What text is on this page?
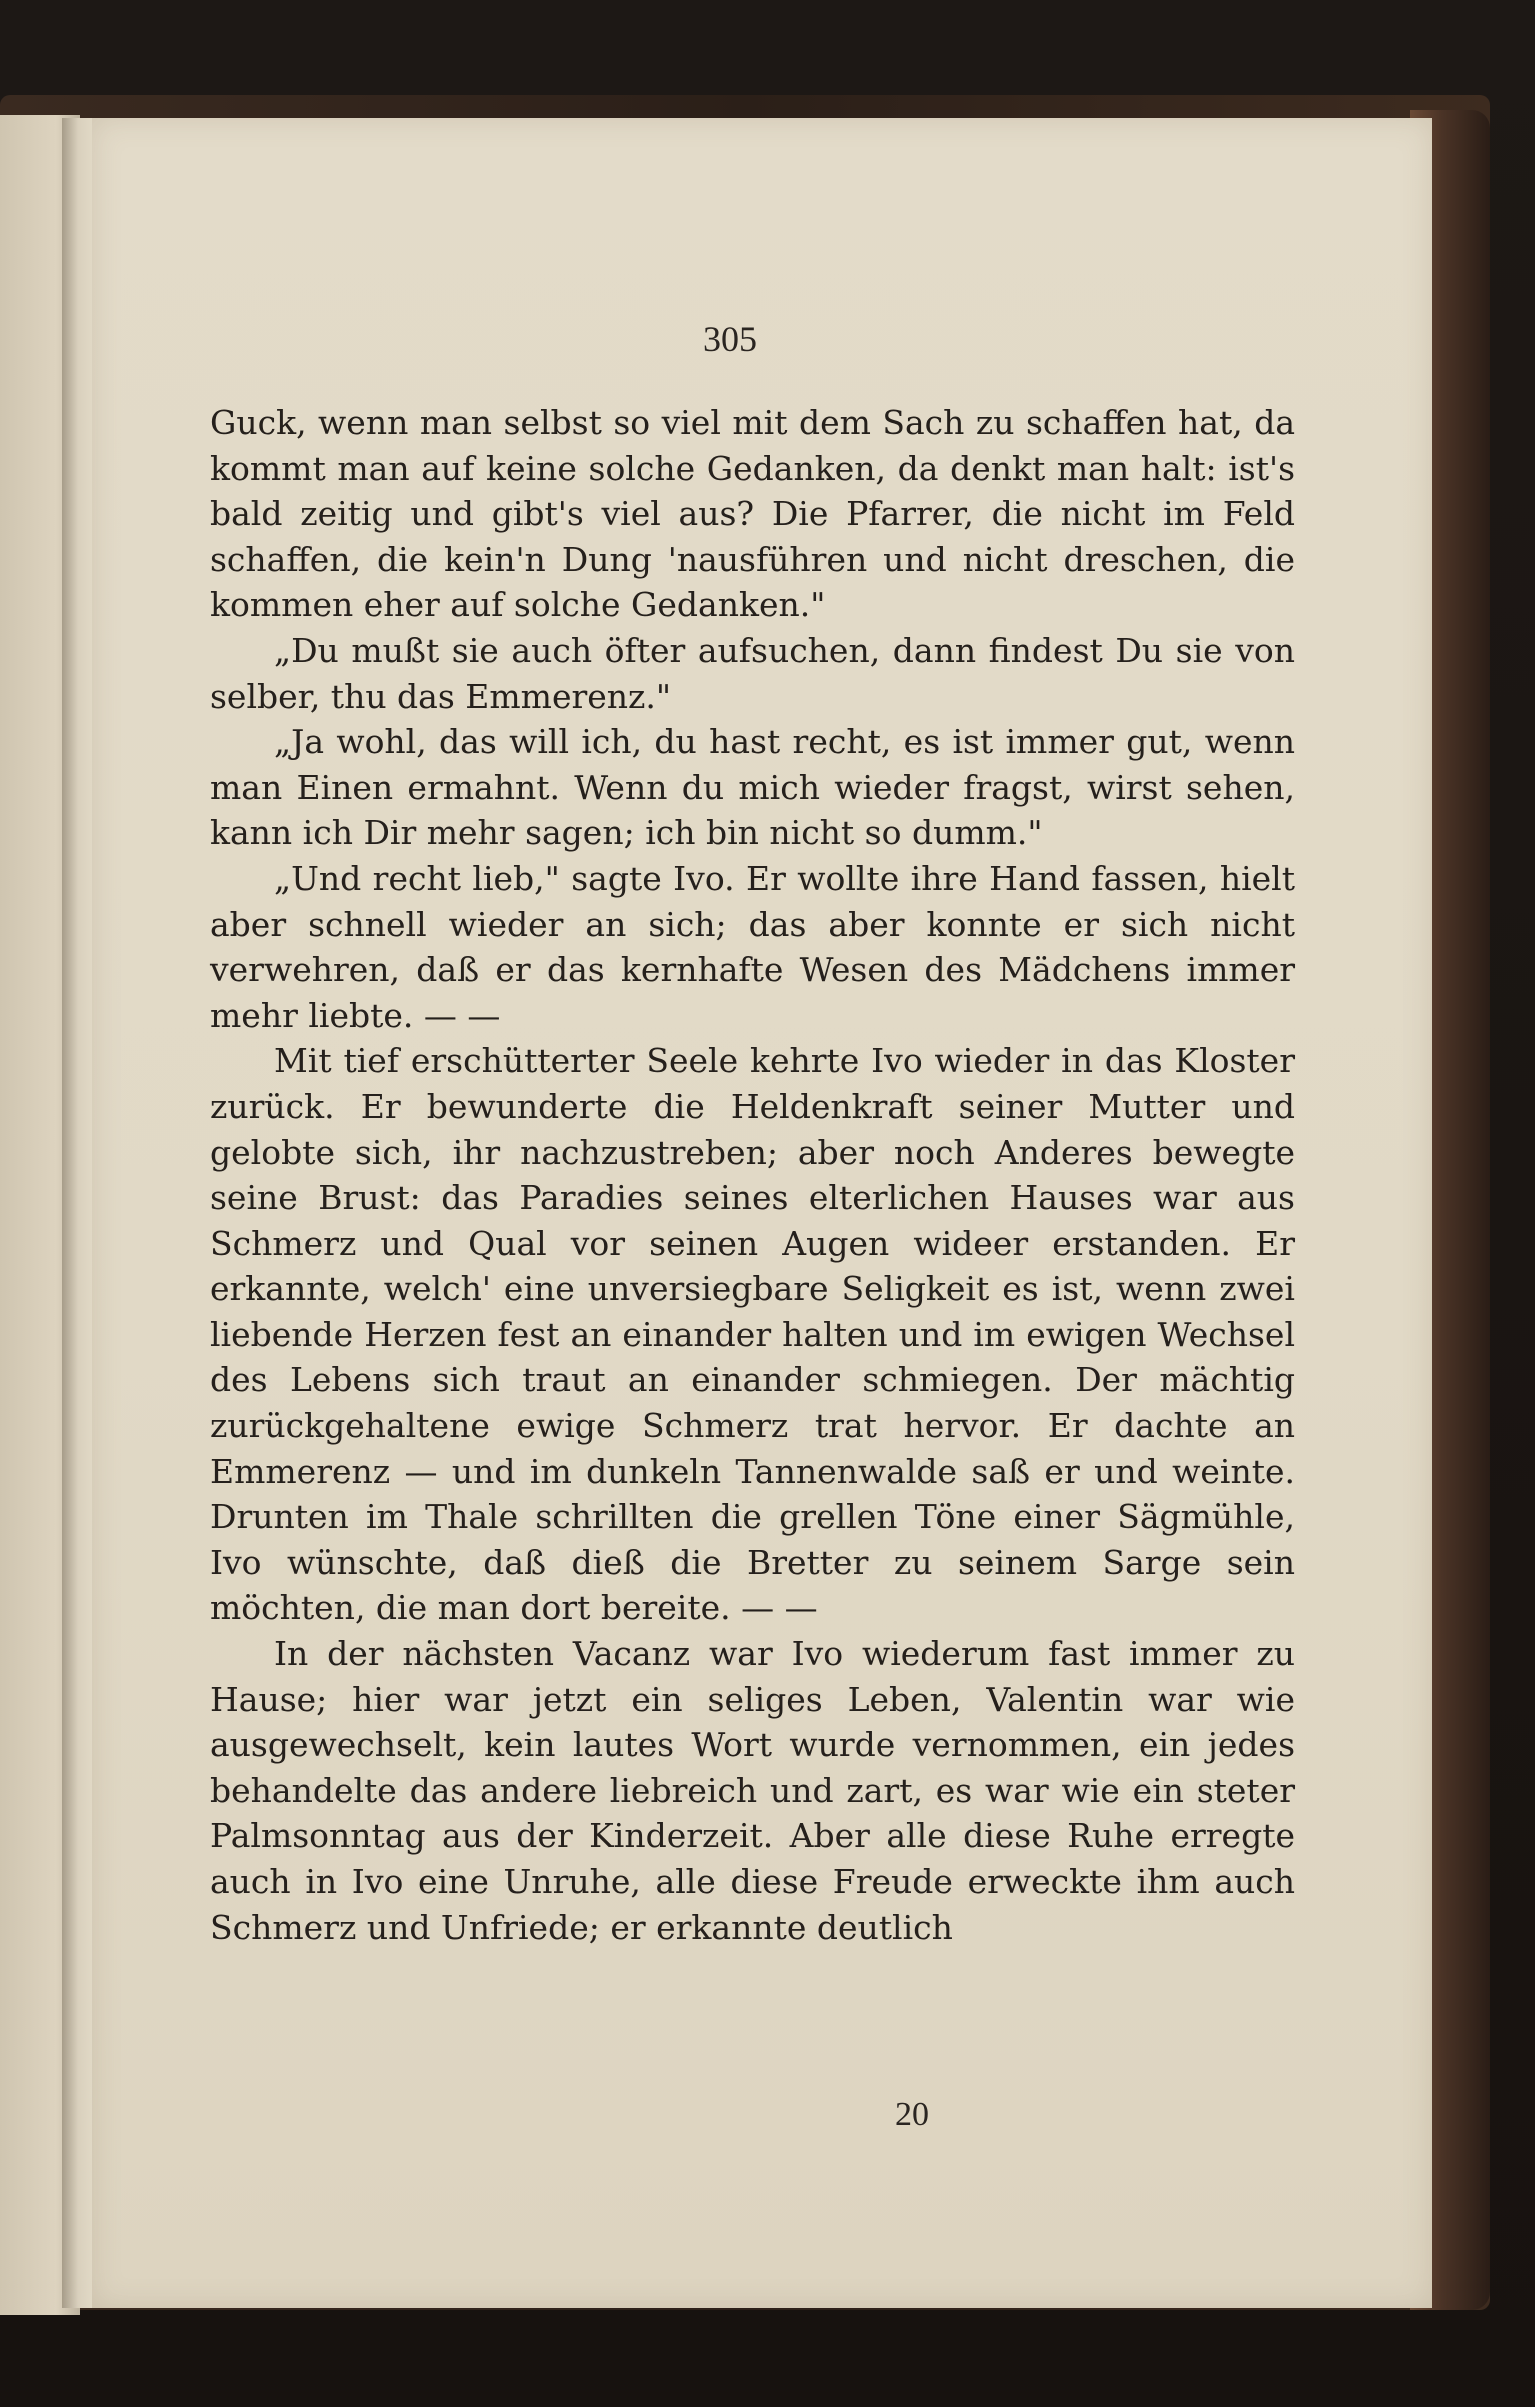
305

Guck, wenn man selbst so viel mit dem Sach zu schaffen hat, da kommt man auf keine solche Gedanken, da denkt man halt: ist's bald zeitig und gibt's viel aus? Die Pfarrer, die nicht im Feld schaffen, die kein'n Dung 'nausführen und nicht dreschen, die kommen eher auf solche Gedanken."

„Du mußt sie auch öfter aufsuchen, dann findest Du sie von selber, thu das Emmerenz."

„Ja wohl, das will ich, du hast recht, es ist immer gut, wenn man Einen ermahnt. Wenn du mich wieder fragst, wirst sehen, kann ich Dir mehr sagen; ich bin nicht so dumm."

„Und recht lieb," sagte Ivo. Er wollte ihre Hand fassen, hielt aber schnell wieder an sich; das aber konnte er sich nicht verwehren, daß er das kernhafte Wesen des Mädchens immer mehr liebte. — —

Mit tief erschütterter Seele kehrte Ivo wieder in das Kloster zurück. Er bewunderte die Heldenkraft seiner Mutter und gelobte sich, ihr nachzustreben; aber noch Anderes bewegte seine Brust: das Paradies seines elterlichen Hauses war aus Schmerz und Qual vor seinen Augen wideer erstanden. Er erkannte, welch' eine unversiegbare Seligkeit es ist, wenn zwei liebende Herzen fest an einander halten und im ewigen Wechsel des Lebens sich traut an einander schmiegen. Der mächtig zurückgehaltene ewige Schmerz trat hervor. Er dachte an Emmerenz — und im dunkeln Tannenwalde saß er und weinte. Drunten im Thale schrillten die grellen Töne einer Sägmühle, Ivo wünschte, daß dieß die Bretter zu seinem Sarge sein möchten, die man dort bereite. — —

In der nächsten Vacanz war Ivo wiederum fast immer zu Hause; hier war jetzt ein seliges Leben, Valentin war wie ausgewechselt, kein lautes Wort wurde vernommen, ein jedes behandelte das andere liebreich und zart, es war wie ein steter Palmsonntag aus der Kinderzeit. Aber alle diese Ruhe erregte auch in Ivo eine Unruhe, alle diese Freude erweckte ihm auch Schmerz und Unfriede; er erkannte deutlich

20
